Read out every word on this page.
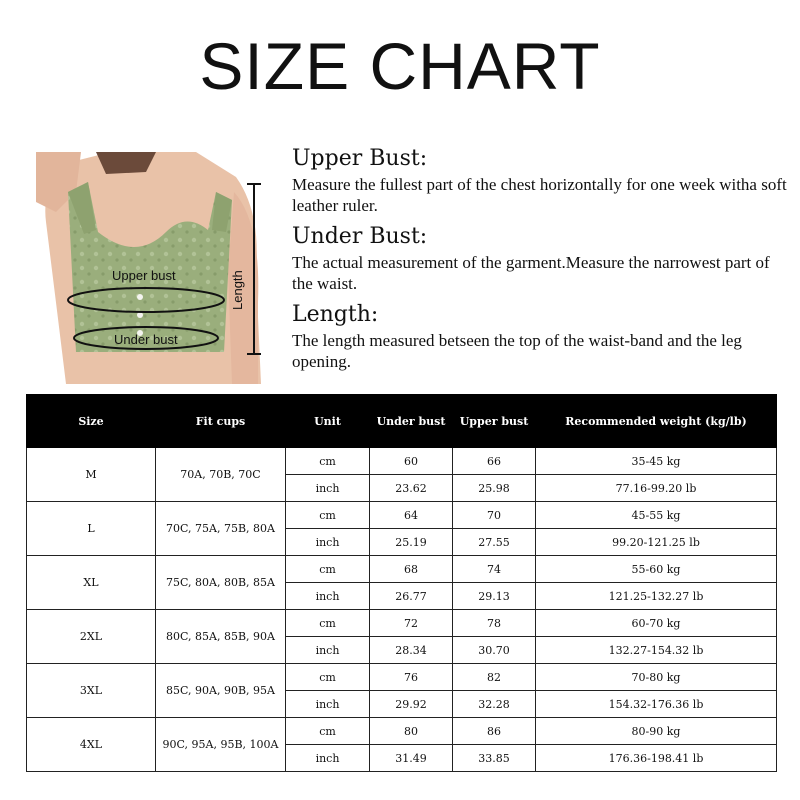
SIZE CHART
Upper bust
Under bust
Length
Upper Bust:

Measure the fullest part of the chest horizontally for one week witha soft leather ruler.

Under Bust:

The actual measurement of the garment.Measure the narrowest part of the waist.

Length:

The length measured betseen the top of the waist-band and the leg opening.

Size	Fit cups	Unit	Under bust	Upper bust	Recommended weight (kg/lb)
M	70A, 70B, 70C	cm	60	66	35-45 kg
		inch	23.62	25.98	77.16-99.20 lb
L	70C, 75A, 75B, 80A	cm	64	70	45-55 kg
		inch	25.19	27.55	99.20-121.25 lb
XL	75C, 80A, 80B, 85A	cm	68	74	55-60 kg
		inch	26.77	29.13	121.25-132.27 lb
2XL	80C, 85A, 85B, 90A	cm	72	78	60-70 kg
		inch	28.34	30.70	132.27-154.32 lb
3XL	85C, 90A, 90B, 95A	cm	76	82	70-80 kg
		inch	29.92	32.28	154.32-176.36 lb
4XL	90C, 95A, 95B, 100A	cm	80	86	80-90 kg
		inch	31.49	33.85	176.36-198.41 lb
